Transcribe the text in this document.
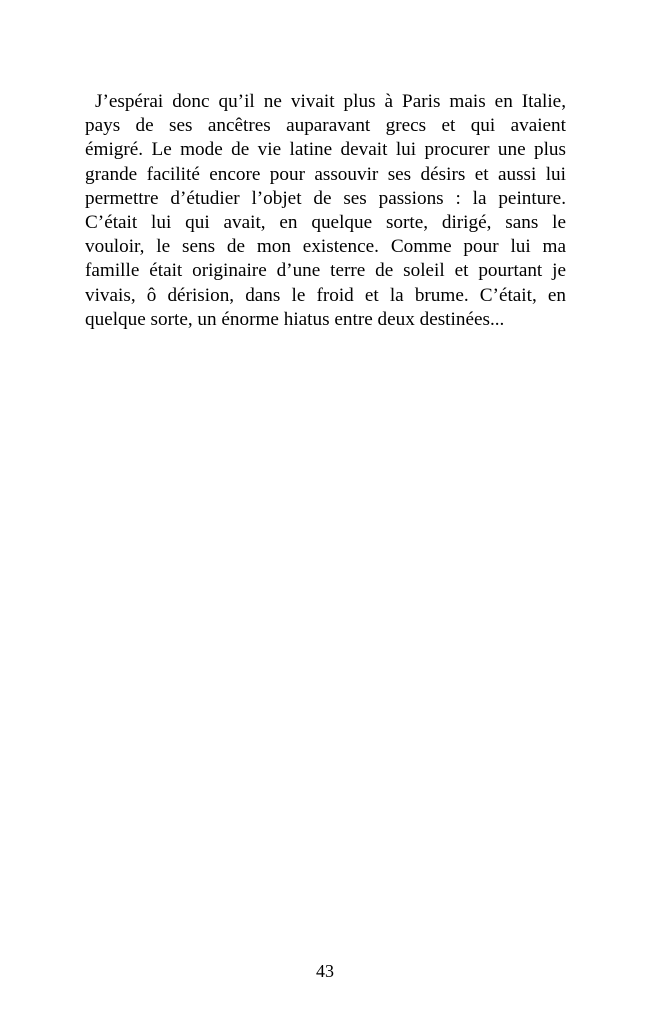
J’espérai donc qu’il ne vivait plus à Paris mais en Italie,
pays de ses ancêtres auparavant grecs et qui avaient
émigré. Le mode de vie latine devait lui procurer une plus
grande facilité encore pour assouvir ses désirs et aussi lui
permettre d’étudier l’objet de ses passions : la peinture.
C’était lui qui avait, en quelque sorte, dirigé, sans le
vouloir, le sens de mon existence. Comme pour lui ma
famille était originaire d’une terre de soleil et pourtant je
vivais, ô dérision, dans le froid et la brume. C’était, en
quelque sorte, un énorme hiatus entre deux destinées...
43
